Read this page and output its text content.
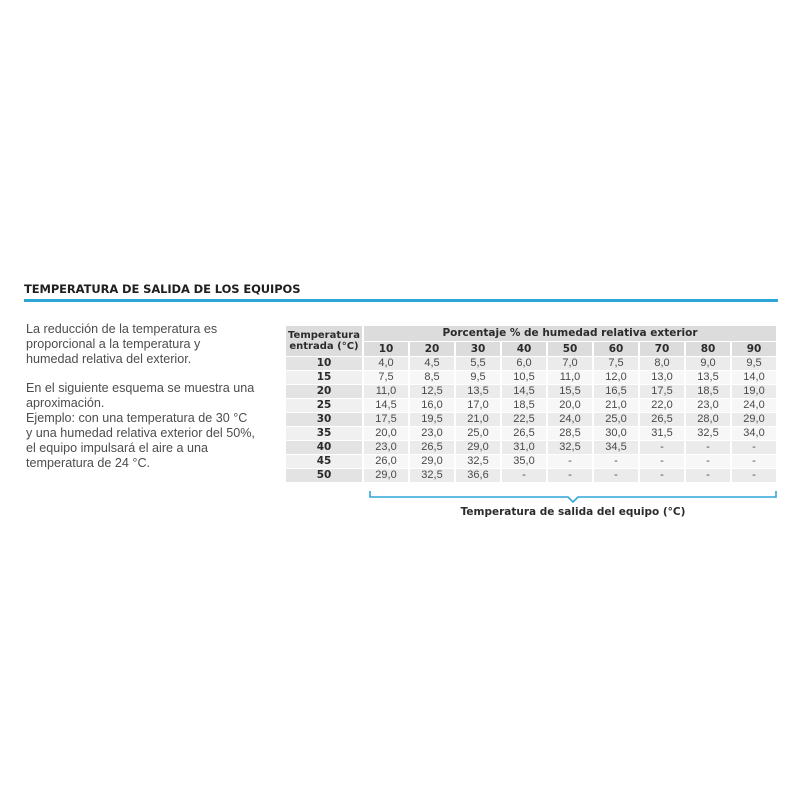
TEMPERATURA DE SALIDA DE LOS EQUIPOS

La reducción de la temperatura es proporcional a la temperatura y humedad relativa del exterior.

En el siguiente esquema se muestra una aproximación.

Ejemplo: con una temperatura de 30 °C y una humedad relativa exterior del 50%, el equipo impulsará el aire a una temperatura de 24 °C.

Temperatura entrada (°C)	Porcentaje % de humedad relativa exterior								
	10	20	30	40	50	60	70	80	90
10	4,0	4,5	5,5	6,0	7,0	7,5	8,0	9,0	9,5
15	7,5	8,5	9,5	10,5	11,0	12,0	13,0	13,5	14,0
20	11,0	12,5	13,5	14,5	15,5	16,5	17,5	18,5	19,0
25	14,5	16,0	17,0	18,5	20,0	21,0	22,0	23,0	24,0
30	17,5	19,5	21,0	22,5	24,0	25,0	26,5	28,0	29,0
35	20,0	23,0	25,0	26,5	28,5	30,0	31,5	32,5	34,0
40	23,0	26,5	29,0	31,0	32,5	34,5	-	-	-
45	26,0	29,0	32,5	35,0	-	-	-	-	-
50	29,0	32,5	36,6	-	-	-	-	-	-
Temperatura de salida del equipo (°C)
